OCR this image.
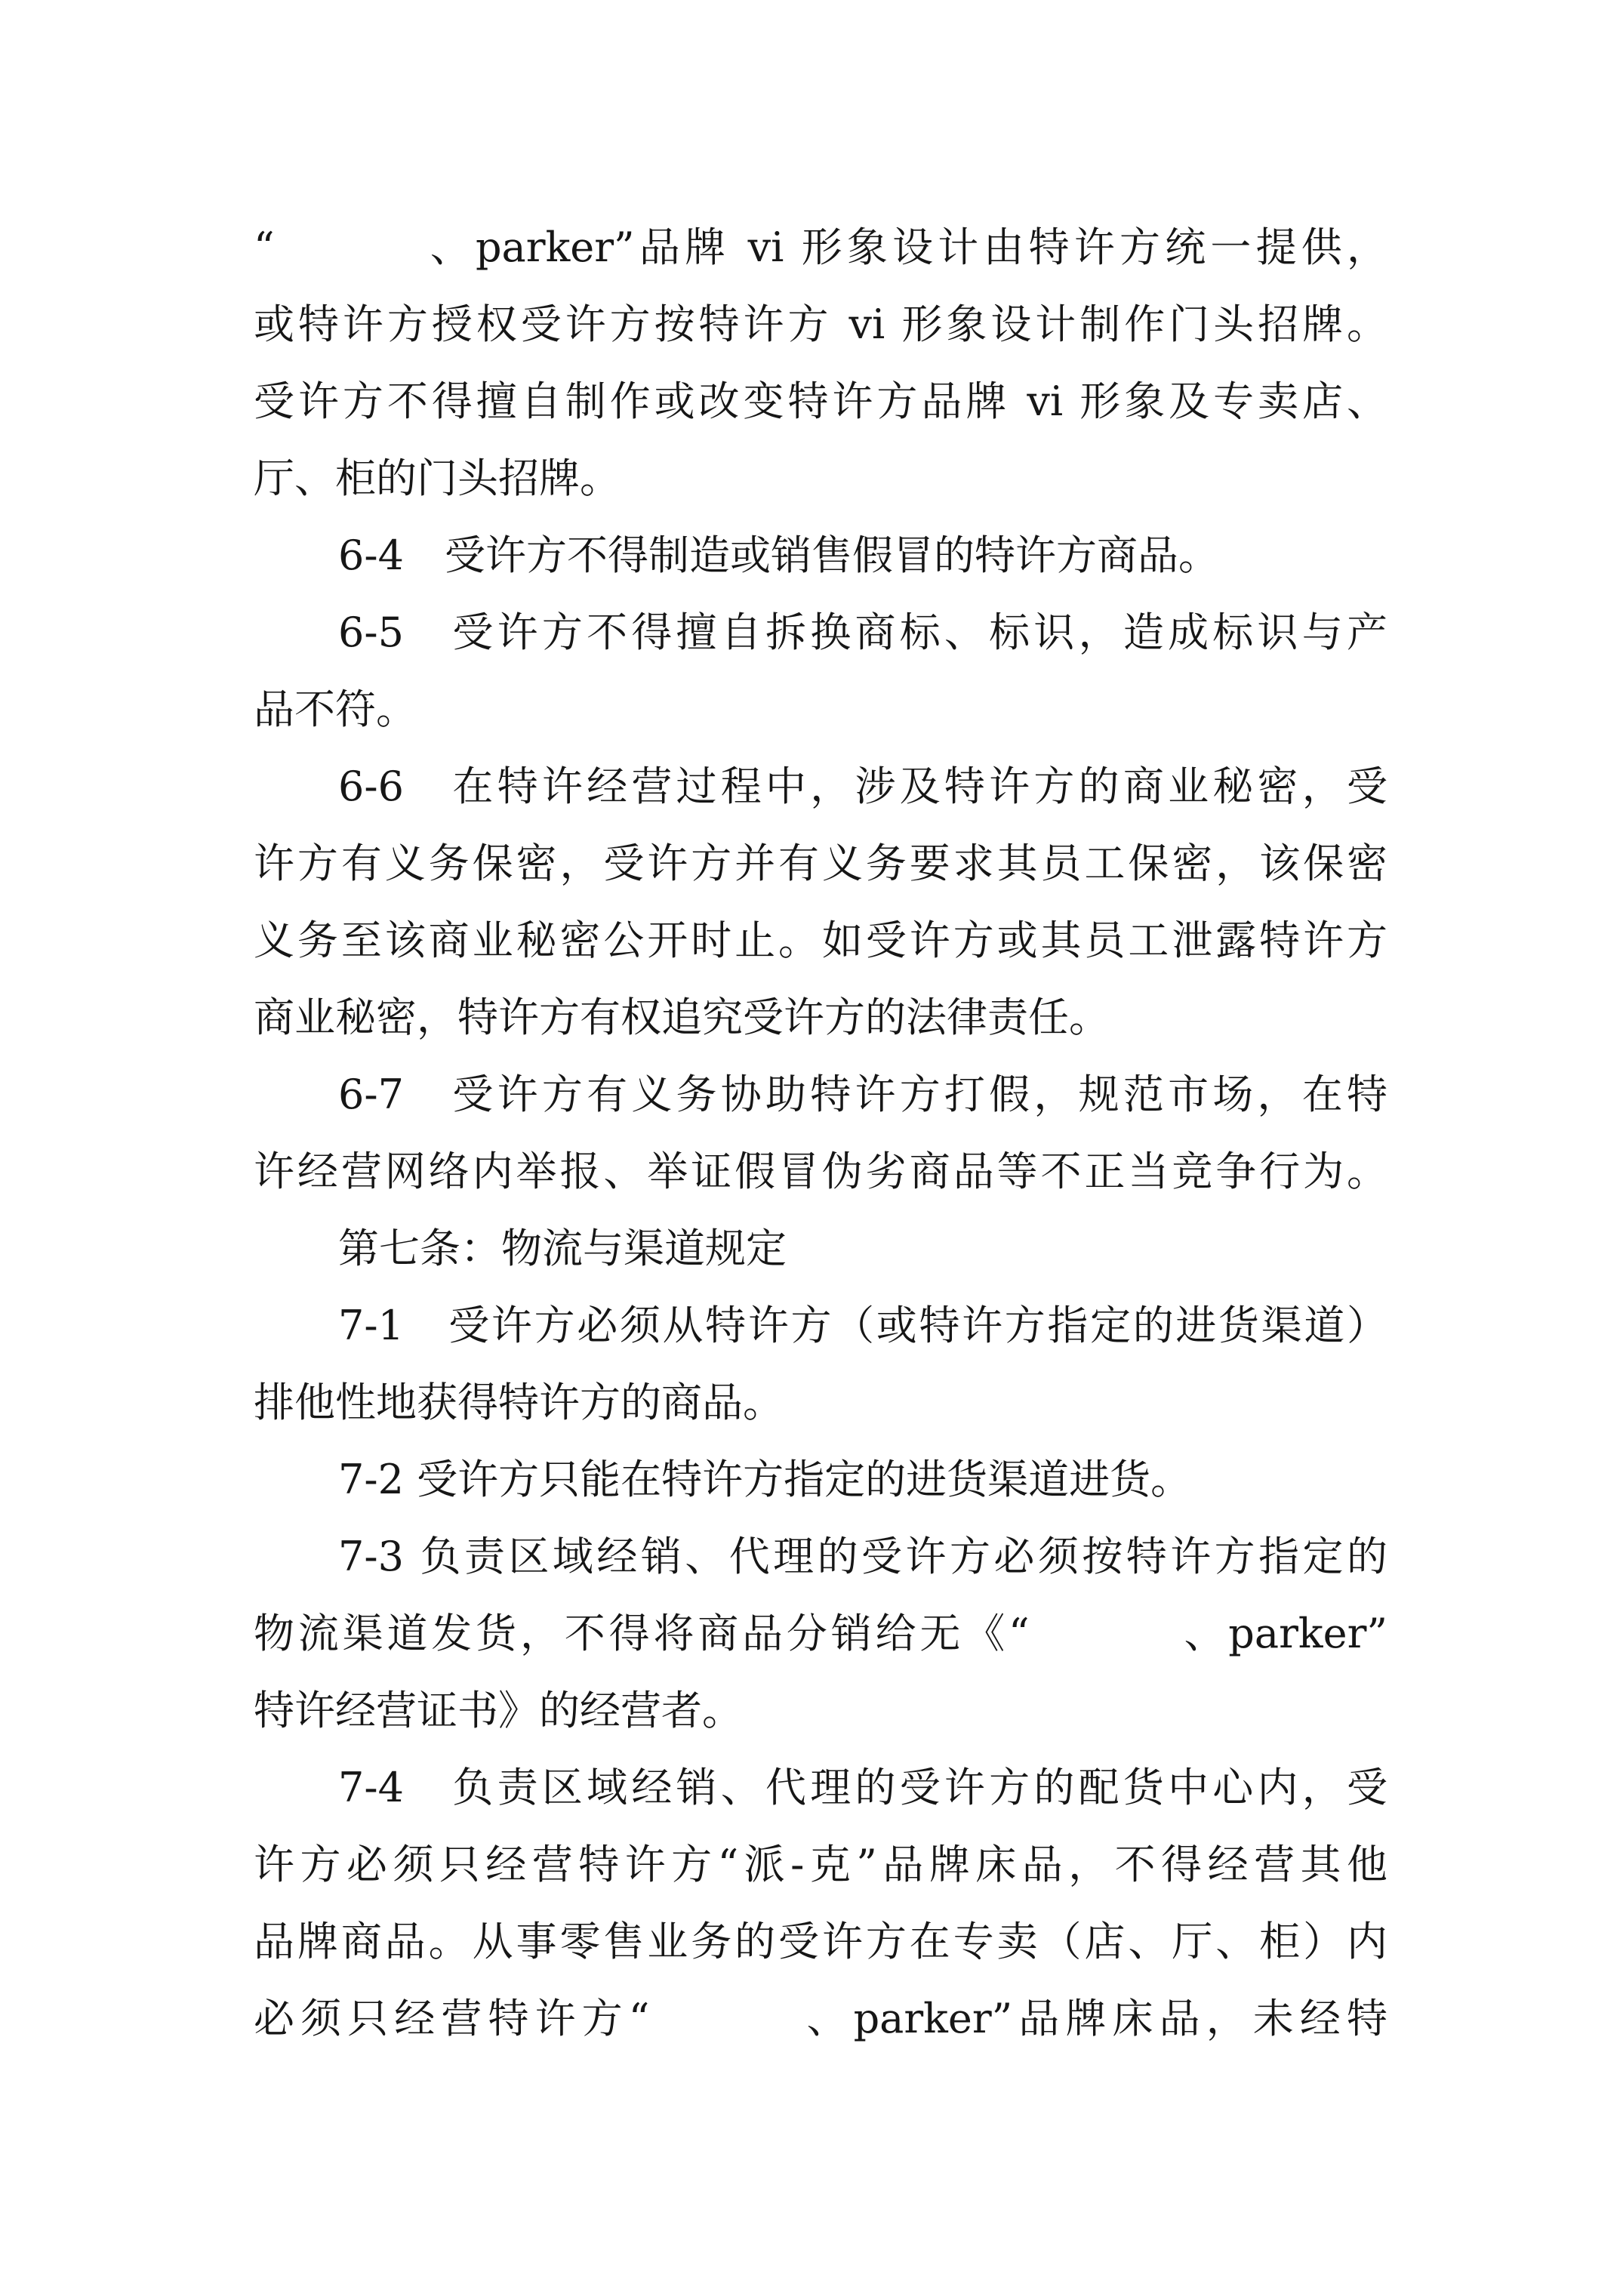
“	、parker”品牌 vi 形象设计由特许方统一提供，
或特许方授权受许方按特许方 vi 形象设计制作门头招牌。
受许方不得擅自制作或改变特许方品牌 vi 形象及专卖店、
厅、柜的门头招牌。
6-4　受许方不得制造或销售假冒的特许方商品。
6-5　受许方不得擅自拆换商标、标识，造成标识与产
品不符。
6-6　在特许经营过程中，涉及特许方的商业秘密，受
许方有义务保密，受许方并有义务要求其员工保密，该保密
义务至该商业秘密公开时止。如受许方或其员工泄露特许方
商业秘密，特许方有权追究受许方的法律责任。
6-7　受许方有义务协助特许方打假，规范市场，在特
许经营网络内举报、举证假冒伪劣商品等不正当竞争行为。
第七条：物流与渠道规定
7-1　受许方必须从特许方（或特许方指定的进货渠道）
排他性地获得特许方的商品。
7-2 受许方只能在特许方指定的进货渠道进货。
7-3 负责区域经销、代理的受许方必须按特许方指定的
物流渠道发货，不得将商品分销给无《“	、parker”
特许经营证书》的经营者。
7-4　负责区域经销、代理的受许方的配货中心内，受
许方必须只经营特许方“派-克”品牌床品，不得经营其他
品牌商品。从事零售业务的受许方在专卖（店、厅、柜）内
必须只经营特许方“	、parker”品牌床品，未经特
